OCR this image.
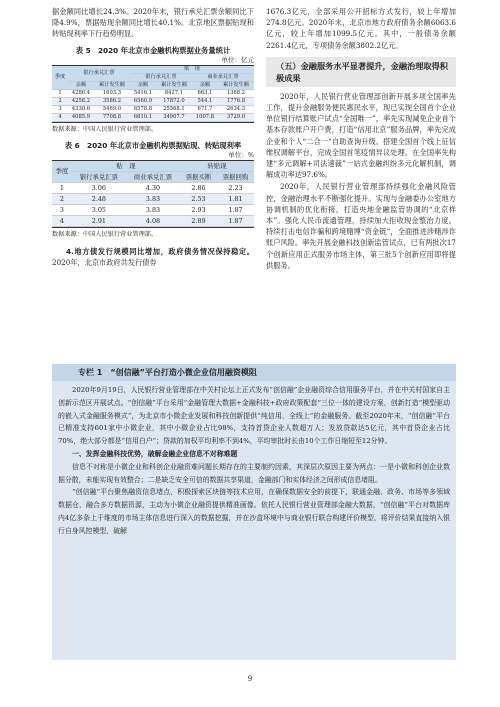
据金额同比增长24.3%。2020年末，银行承兑汇票余额同比下降4.9%，票据贴现余额同比增长40.1%。北京地区票据贴现和转贴现利率下行趋势明显。

表 5　2020 年北京市金融机构票据业务量统计
单位：亿元
季度	银行承兑汇票		贴　现			
			银行承兑汇票		商业承兑汇票	
	余额	累计发生额	余额	累计发生额	余额	累计发生额
1	4286.4	1603.3	5416.1	8427.1	663.1	1368.2
2	4258.2	3586.2	6560.9	17872.0	544.1	1776.8
3	4330.6	5469.0	6578.8	25568.1	671.7	2634.3
4	4085.9	7708.8	6810.1	34907.7	1007.8	3729.0
数据来源：中国人民银行营业管理部。
表 6　2020 年北京市金融机构票据贴现、转贴现利率
单位：%
季度	贴　现		转贴现	
	银行承兑汇票	商业承兑汇票	票据买断	票据回购
1	3.06	4.30	2.86	2.23
2	2.48	3.83	2.53	1.81
3	3.05	3.83	2.93	1.87
4	2.91	4.08	2.89	1.87
数据来源：中国人民银行营业管理部。

4.地方债发行规模同比增加，政府债务情况保持稳定。2020年，北京市政府共发行债券

1676.3亿元，全部采用公开招标方式发行，较上年增加274.8亿元。2020年末，北京市地方政府债务余额6063.6亿元，较上年增加1099.5亿元。其中，一般债务余额2261.4亿元，专项债务余额3802.2亿元。

（五）金融服务水平显著提升，金融治理取得积极成果

2020年，人民银行营业管理部创新开展多项全国率先工作，提升金融服务便民惠民水平，现已实现全国首个企业单位银行结算账户试点“全国唯一”，率先实现减免企业首个基本存款账户开户费，打造“信用北京”服务品牌，率先完成企业和个人“二合一”自助查询升级。搭建全国首个线上征信维权调解平台，完成全国首笔疫情异议处理。在全国率先构建“多元调解+司法速裁”一站式金融纠纷多元化解机制，调解成功率达97.6%。

2020年，人民银行营业管理部持续强化金融风险管控，金融治理水平不断强化提升。实现与金融委办公室地方协调机制的优化衔接，打造央地金融监管协调的“北京样本”。强化人民币流通管理，持续加大拒收现金整治力度。持续打击电信诈骗和跨境赌博“资金链”，全面推进涉赌涉诈账户风险。率先开展金融科技创新监管试点，已有两批次17个创新应用正式服务市场主体，第三批5个创新应用即将提供服务。

专栏 1　“创信融”平台打造小微企业信用融资模阻

2020年9月19日，人民银行营业管理部在中关村论坛上正式发布“创信融”企业融资综合信用服务平台，并在中关村国家自主创新示范区开展试点。“创信融”平台采用“金融管理大数据+金融科技+政府政策配套”三位一体的建设方案，创新打造“模型驱动的嵌入式金融服务模式”，为北京市小微企业发展和科技创新提供“纯信用、全线上”的金融服务。截至2020年末，“创信融”平台已精准支持601家中小微企业，其中小微企业占比98%，支持首贷企业人数超万人；发放贷款达5亿元，其中首贷企业占比70%，绝大部分都是“信用白户”；贷款的加权平均利率不到4%，平均审批时长由10个工作日缩短至12分钟。

一、发挥金融科技优势，破解金融企业信息不对称难题

信息不对称是小微企业和科创企业融资难问题长期存在的主要制约因素，其深层次原因主要为两点：一是小微和科创企业数据分散，未能实现有效整合；二是缺乏安全可信的数据共享渠道，金融部门和实体经济之间形成信息堵阻。

“创信融”平台聚焦融资信息堵点，积极探索区块链等技术应用，在确保数据安全的前提下，联通金融、政务、市场等多领域数据仓，融合多方数据资源，主动为小微企业融资提供精准画像。依托人民银行营业管理部金融大数据，“创信融”平台对数据库内4亿多条上千维度的市场主体信息进行深入的数据挖掘，并在沙盒环境中与商业银行联合构建评价模型，将评价结果直接纳入银行自身风控模型，破解

9
